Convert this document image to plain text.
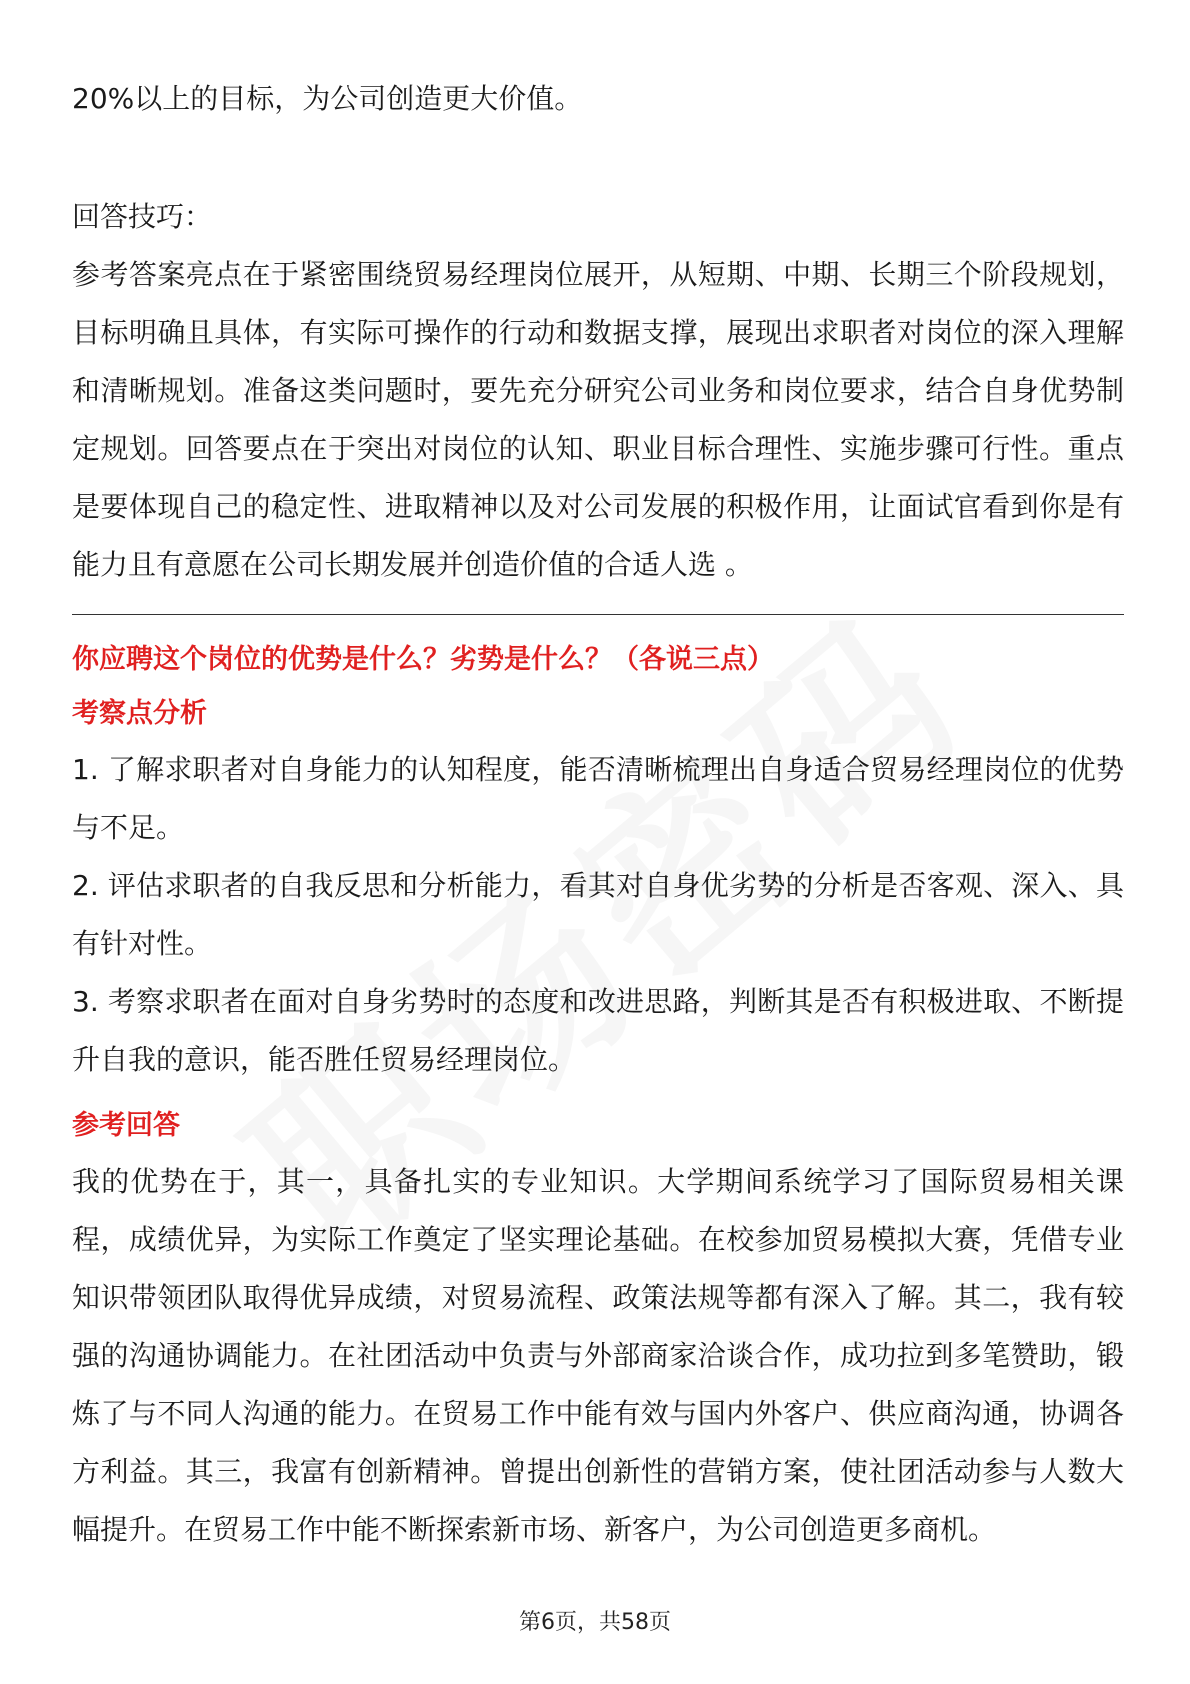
20%以上的目标，为公司创造更大价值。

回答技巧：

参考答案亮点在于紧密围绕贸易经理岗位展开，从短期、中期、长期三个阶段规划，目标明确且具体，有实际可操作的行动和数据支撑，展现出求职者对岗位的深入理解和清晰规划。准备这类问题时，要先充分研究公司业务和岗位要求，结合自身优势制定规划。回答要点在于突出对岗位的认知、职业目标合理性、实施步骤可行性。重点是要体现自己的稳定性、进取精神以及对公司发展的积极作用，让面试官看到你是有能力且有意愿在公司长期发展并创造价值的合适人选 。

你应聘这个岗位的优势是什么？劣势是什么？（各说三点）

考察点分析

1. 了解求职者对自身能力的认知程度，能否清晰梳理出自身适合贸易经理岗位的优势与不足。

2. 评估求职者的自我反思和分析能力，看其对自身优劣势的分析是否客观、深入、具有针对性。

3. 考察求职者在面对自身劣势时的态度和改进思路，判断其是否有积极进取、不断提升自我的意识，能否胜任贸易经理岗位。

参考回答

我的优势在于，其一，具备扎实的专业知识。大学期间系统学习了国际贸易相关课程，成绩优异，为实际工作奠定了坚实理论基础。在校参加贸易模拟大赛，凭借专业知识带领团队取得优异成绩，对贸易流程、政策法规等都有深入了解。其二，我有较强的沟通协调能力。在社团活动中负责与外部商家洽谈合作，成功拉到多笔赞助，锻炼了与不同人沟通的能力。在贸易工作中能有效与国内外客户、供应商沟通，协调各方利益。其三，我富有创新精神。曾提出创新性的营销方案，使社团活动参与人数大幅提升。在贸易工作中能不断探索新市场、新客户，为公司创造更多商机。

第6页，共58页
